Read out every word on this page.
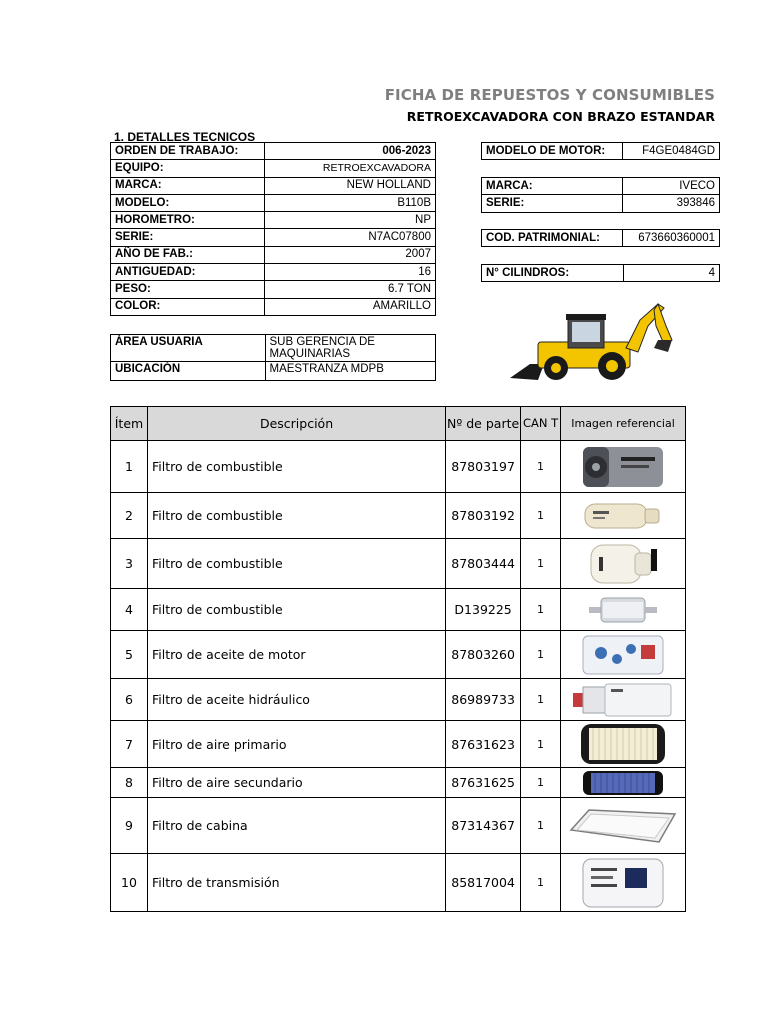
FICHA DE REPUESTOS Y CONSUMIBLES
RETROEXCAVADORA CON BRAZO ESTANDAR
1. DETALLES TECNICOS
ORDEN DE TRABAJO:	006-2023
EQUIPO:	RETROEXCAVADORA
MARCA:	NEW HOLLAND
MODELO:	B110B
HOROMETRO:	NP
SERIE:	N7AC07800
AÑO DE FAB.:	2007
ANTIGUEDAD:	16
PESO:	6.7 TON
COLOR:	AMARILLO
MODELO DE MOTOR:	F4GE0484GD
MARCA:	IVECO
SERIE:	393846
COD. PATRIMONIAL:	673660360001
N° CILINDROS:	4
ÁREA USUARIA	SUB GERENCIA DE MAQUINARIAS
UBICACIÓN	MAESTRANZA MDPB
Ítem	Descripción	Nº de parte	CAN T	Imagen referencial
1	Filtro de combustible	87803197	1	

2	Filtro de combustible	87803192	1	

3	Filtro de combustible	87803444	1	

4	Filtro de combustible	D139225	1	

5	Filtro de aceite de motor	87803260	1	

6	Filtro de aceite hidráulico	86989733	1	

7	Filtro de aire primario	87631623	1	

8	Filtro de aire secundario	87631625	1	

9	Filtro de cabina	87314367	1	

10	Filtro de transmisión	85817004	1	
